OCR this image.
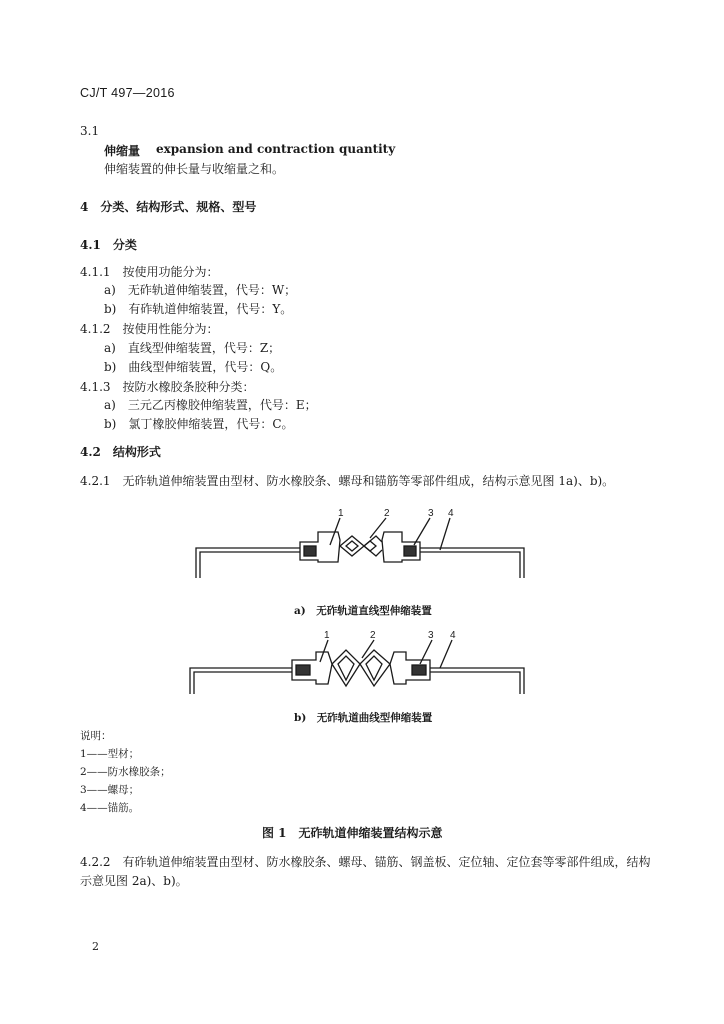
CJ/T 497—2016
3.1
伸缩量 expansion and contraction quantity
伸缩装置的伸长量与收缩量之和。
4　分类、结构形式、规格、型号
4.1　分类
4.1.1　按使用功能分为：
a)　无砟轨道伸缩装置，代号：W；
b)　有砟轨道伸缩装置，代号：Y。
4.1.2　按使用性能分为：
a)　直线型伸缩装置，代号：Z；
b)　曲线型伸缩装置，代号：Q。
4.1.3　按防水橡胶条胶种分类：
a)　三元乙丙橡胶伸缩装置，代号：E；
b)　氯丁橡胶伸缩装置，代号：C。
4.2　结构形式
4.2.1　无砟轨道伸缩装置由型材、防水橡胶条、螺母和锚筋等零部件组成，结构示意见图 1a)、b)。
1	2	3 4
1	2	3 4
a)　无砟轨道直线型伸缩装置
b)　无砟轨道曲线型伸缩装置
说明：
1——型材；
2——防水橡胶条；
3——螺母；
4——锚筋。
图 1　无砟轨道伸缩装置结构示意
4.2.2　有砟轨道伸缩装置由型材、防水橡胶条、螺母、锚筋、钢盖板、定位轴、定位套等零部件组成，结构
示意见图 2a)、b)。
2
